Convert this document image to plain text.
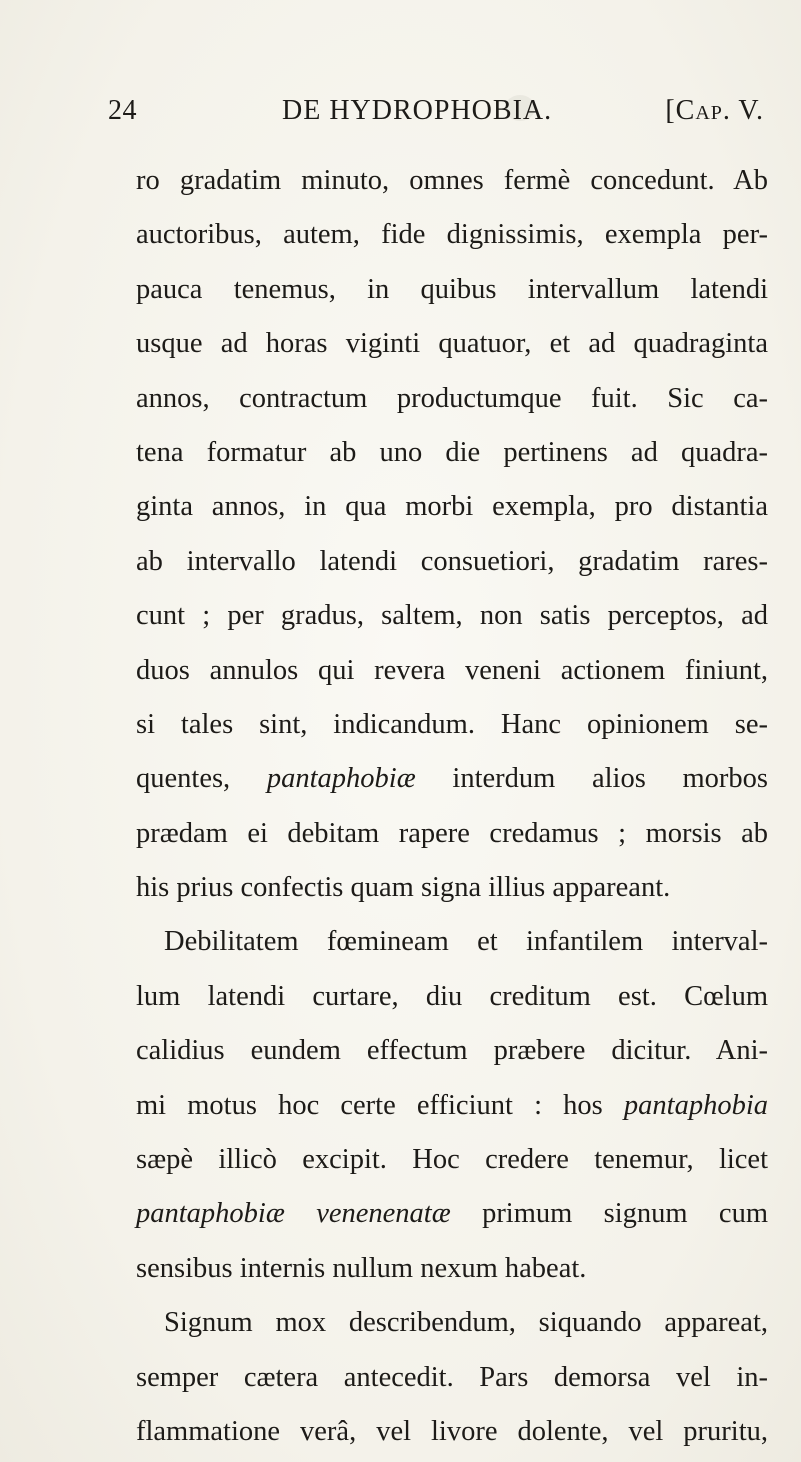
24	DE HYDROPHOBIA.	[Cap. V.
ro gradatim minuto, omnes fermè concedunt. Ab
auctoribus, autem, fide dignissimis, exempla per-
pauca tenemus, in quibus intervallum latendi
usque ad horas viginti quatuor, et ad quadraginta
annos, contractum productumque fuit. Sic ca-
tena formatur ab uno die pertinens ad quadra-
ginta annos, in qua morbi exempla, pro distantia
ab intervallo latendi consuetiori, gradatim rares-
cunt ; per gradus, saltem, non satis perceptos, ad
duos annulos qui revera veneni actionem finiunt,
si tales sint, indicandum. Hanc opinionem se-
quentes, pantaphobiæ interdum alios morbos
prædam ei debitam rapere credamus ; morsis ab
his prius confectis quam signa illius appareant.
Debilitatem fœmineam et infantilem interval-
lum latendi curtare, diu creditum est. Cœlum
calidius eundem effectum præbere dicitur. Ani-
mi motus hoc certe efficiunt : hos pantaphobia
sæpè illicò excipit. Hoc credere tenemur, licet
pantaphobiæ venenenatæ primum signum cum
sensibus internis nullum nexum habeat.
Signum mox describendum, siquando appareat,
semper cætera antecedit. Pars demorsa vel in-
flammatione verâ, vel livore dolente, vel pruritu,
